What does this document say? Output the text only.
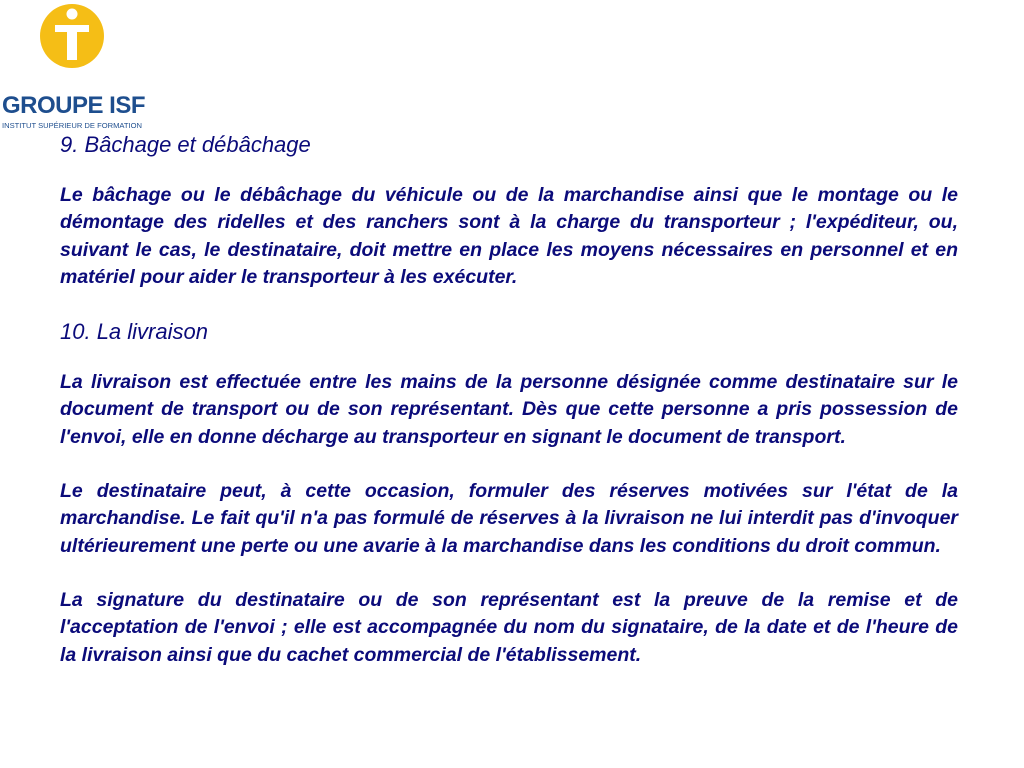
GROUPE ISF
INSTITUT SUPÉRIEUR DE FORMATION
9. Bâchage et débâchage

Le bâchage ou le débâchage du véhicule ou de la marchandise ainsi que le montage ou le démontage des ridelles et des ranchers sont à la charge du transporteur ; l'expéditeur, ou, suivant le cas, le destinataire, doit mettre en place les moyens nécessaires en personnel et en matériel pour aider le transporteur à les exécuter.

10. La livraison

La livraison est effectuée entre les mains de la personne désignée comme destinataire sur le document de transport ou de son représentant. Dès que cette personne a pris possession de l'envoi, elle en donne décharge au transporteur en signant le document de transport.

Le destinataire peut, à cette occasion, formuler des réserves motivées sur l'état de la marchandise. Le fait qu'il n'a pas formulé de réserves à la livraison ne lui interdit pas d'invoquer ultérieurement une perte ou une avarie à la marchandise dans les conditions du droit commun.

La signature du destinataire ou de son représentant est la preuve de la remise et de l'acceptation de l'envoi ; elle est accompagnée du nom du signataire, de la date et de l'heure de la livraison ainsi que du cachet commercial de l'établissement.
